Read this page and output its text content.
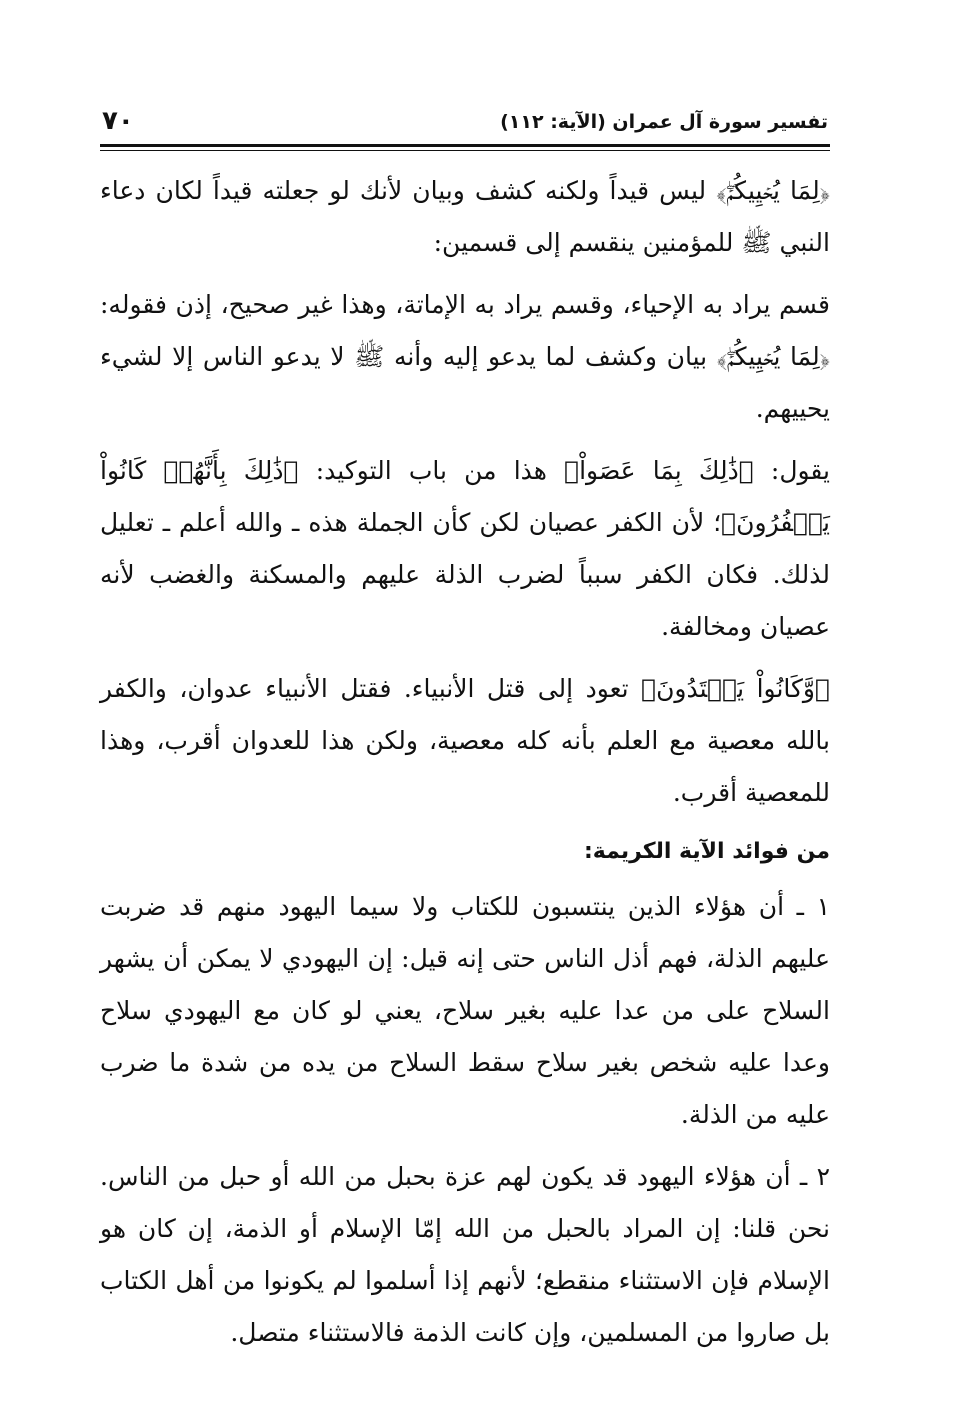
تفسير سورة آل عمران (الآية: ١١٢)
٧٠

﴿لِمَا يُحۡيِيكُمۡۖ﴾ ليس قيداً ولكنه كشف وبيان لأنك لو جعلته قيداً لكان دعاء النبي ﷺ للمؤمنين ينقسم إلى قسمين:

قسم يراد به الإحياء، وقسم يراد به الإماتة، وهذا غير صحيح، إذن فقوله: ﴿لِمَا يُحۡيِيكُمۡۖ﴾ بيان وكشف لما يدعو إليه وأنه ﷺ لا يدعو الناس إلا لشيء يحييهم.

يقول: ﴿ذَٰلِكَ بِمَا عَصَواْ﴾ هذا من باب التوكيد: ﴿ذَٰلِكَ بِأَنَّهُمۡ كَانُواْ يَكۡفُرُونَ﴾؛ لأن الكفر عصيان لكن كأن الجملة هذه ـ والله أعلم ـ تعليل لذلك. فكان الكفر سبباً لضرب الذلة عليهم والمسكنة والغضب لأنه عصيان ومخالفة.

﴿وَّكَانُواْ يَعۡتَدُونَ﴾ تعود إلى قتل الأنبياء. فقتل الأنبياء عدوان، والكفر بالله معصية مع العلم بأنه كله معصية، ولكن هذا للعدوان أقرب، وهذا للمعصية أقرب.

من فوائد الآية الكريمة:

١ ـ أن هؤلاء الذين ينتسبون للكتاب ولا سيما اليهود منهم قد ضربت عليهم الذلة، فهم أذل الناس حتى إنه قيل: إن اليهودي لا يمكن أن يشهر السلاح على من عدا عليه بغير سلاح، يعني لو كان مع اليهودي سلاح وعدا عليه شخص بغير سلاح سقط السلاح من يده من شدة ما ضرب عليه من الذلة.

٢ ـ أن هؤلاء اليهود قد يكون لهم عزة بحبل من الله أو حبل من الناس. نحن قلنا: إن المراد بالحبل من الله إمّا الإسلام أو الذمة، إن كان هو الإسلام فإن الاستثناء منقطع؛ لأنهم إذا أسلموا لم يكونوا من أهل الكتاب بل صاروا من المسلمين، وإن كانت الذمة فالاستثناء متصل.
